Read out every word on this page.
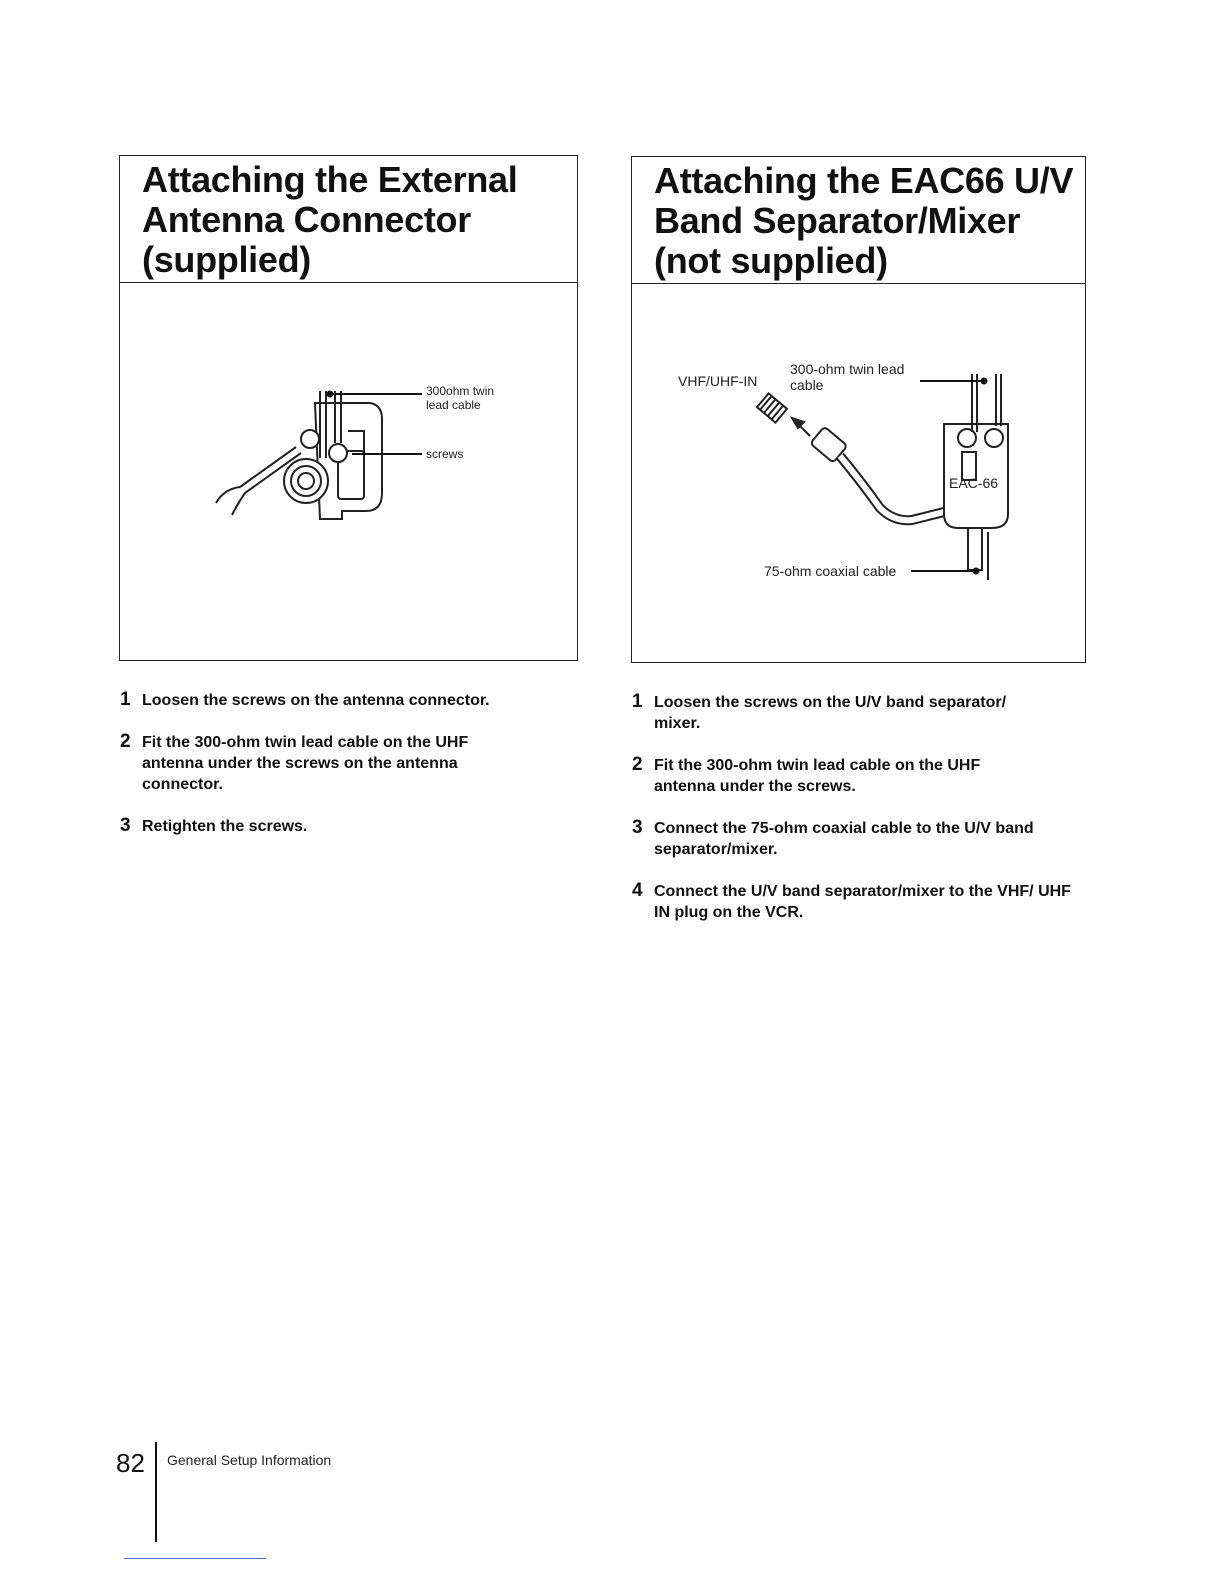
Attaching the External
Antenna Connector
(supplied)
300ohm twin
lead cable
screws
Attaching the EAC66 U/V
Band Separator/Mixer
(not supplied)
VHF/UHF-IN
300-ohm twin lead
cable
EAC-66
75-ohm coaxial cable
1 Loosen the screws on the antenna connector.
2 Fit the 300-ohm twin lead cable on the UHF antenna under the screws on the antenna connector.
3 Retighten the screws.
1 Loosen the screws on the U/V band separator/ mixer.
2 Fit the 300-ohm twin lead cable on the UHF antenna under the screws.
3 Connect the 75-ohm coaxial cable to the U/V band separator/mixer.
4 Connect the U/V band separator/mixer to the VHF/ UHF IN plug on the VCR.
82 General Setup Information
